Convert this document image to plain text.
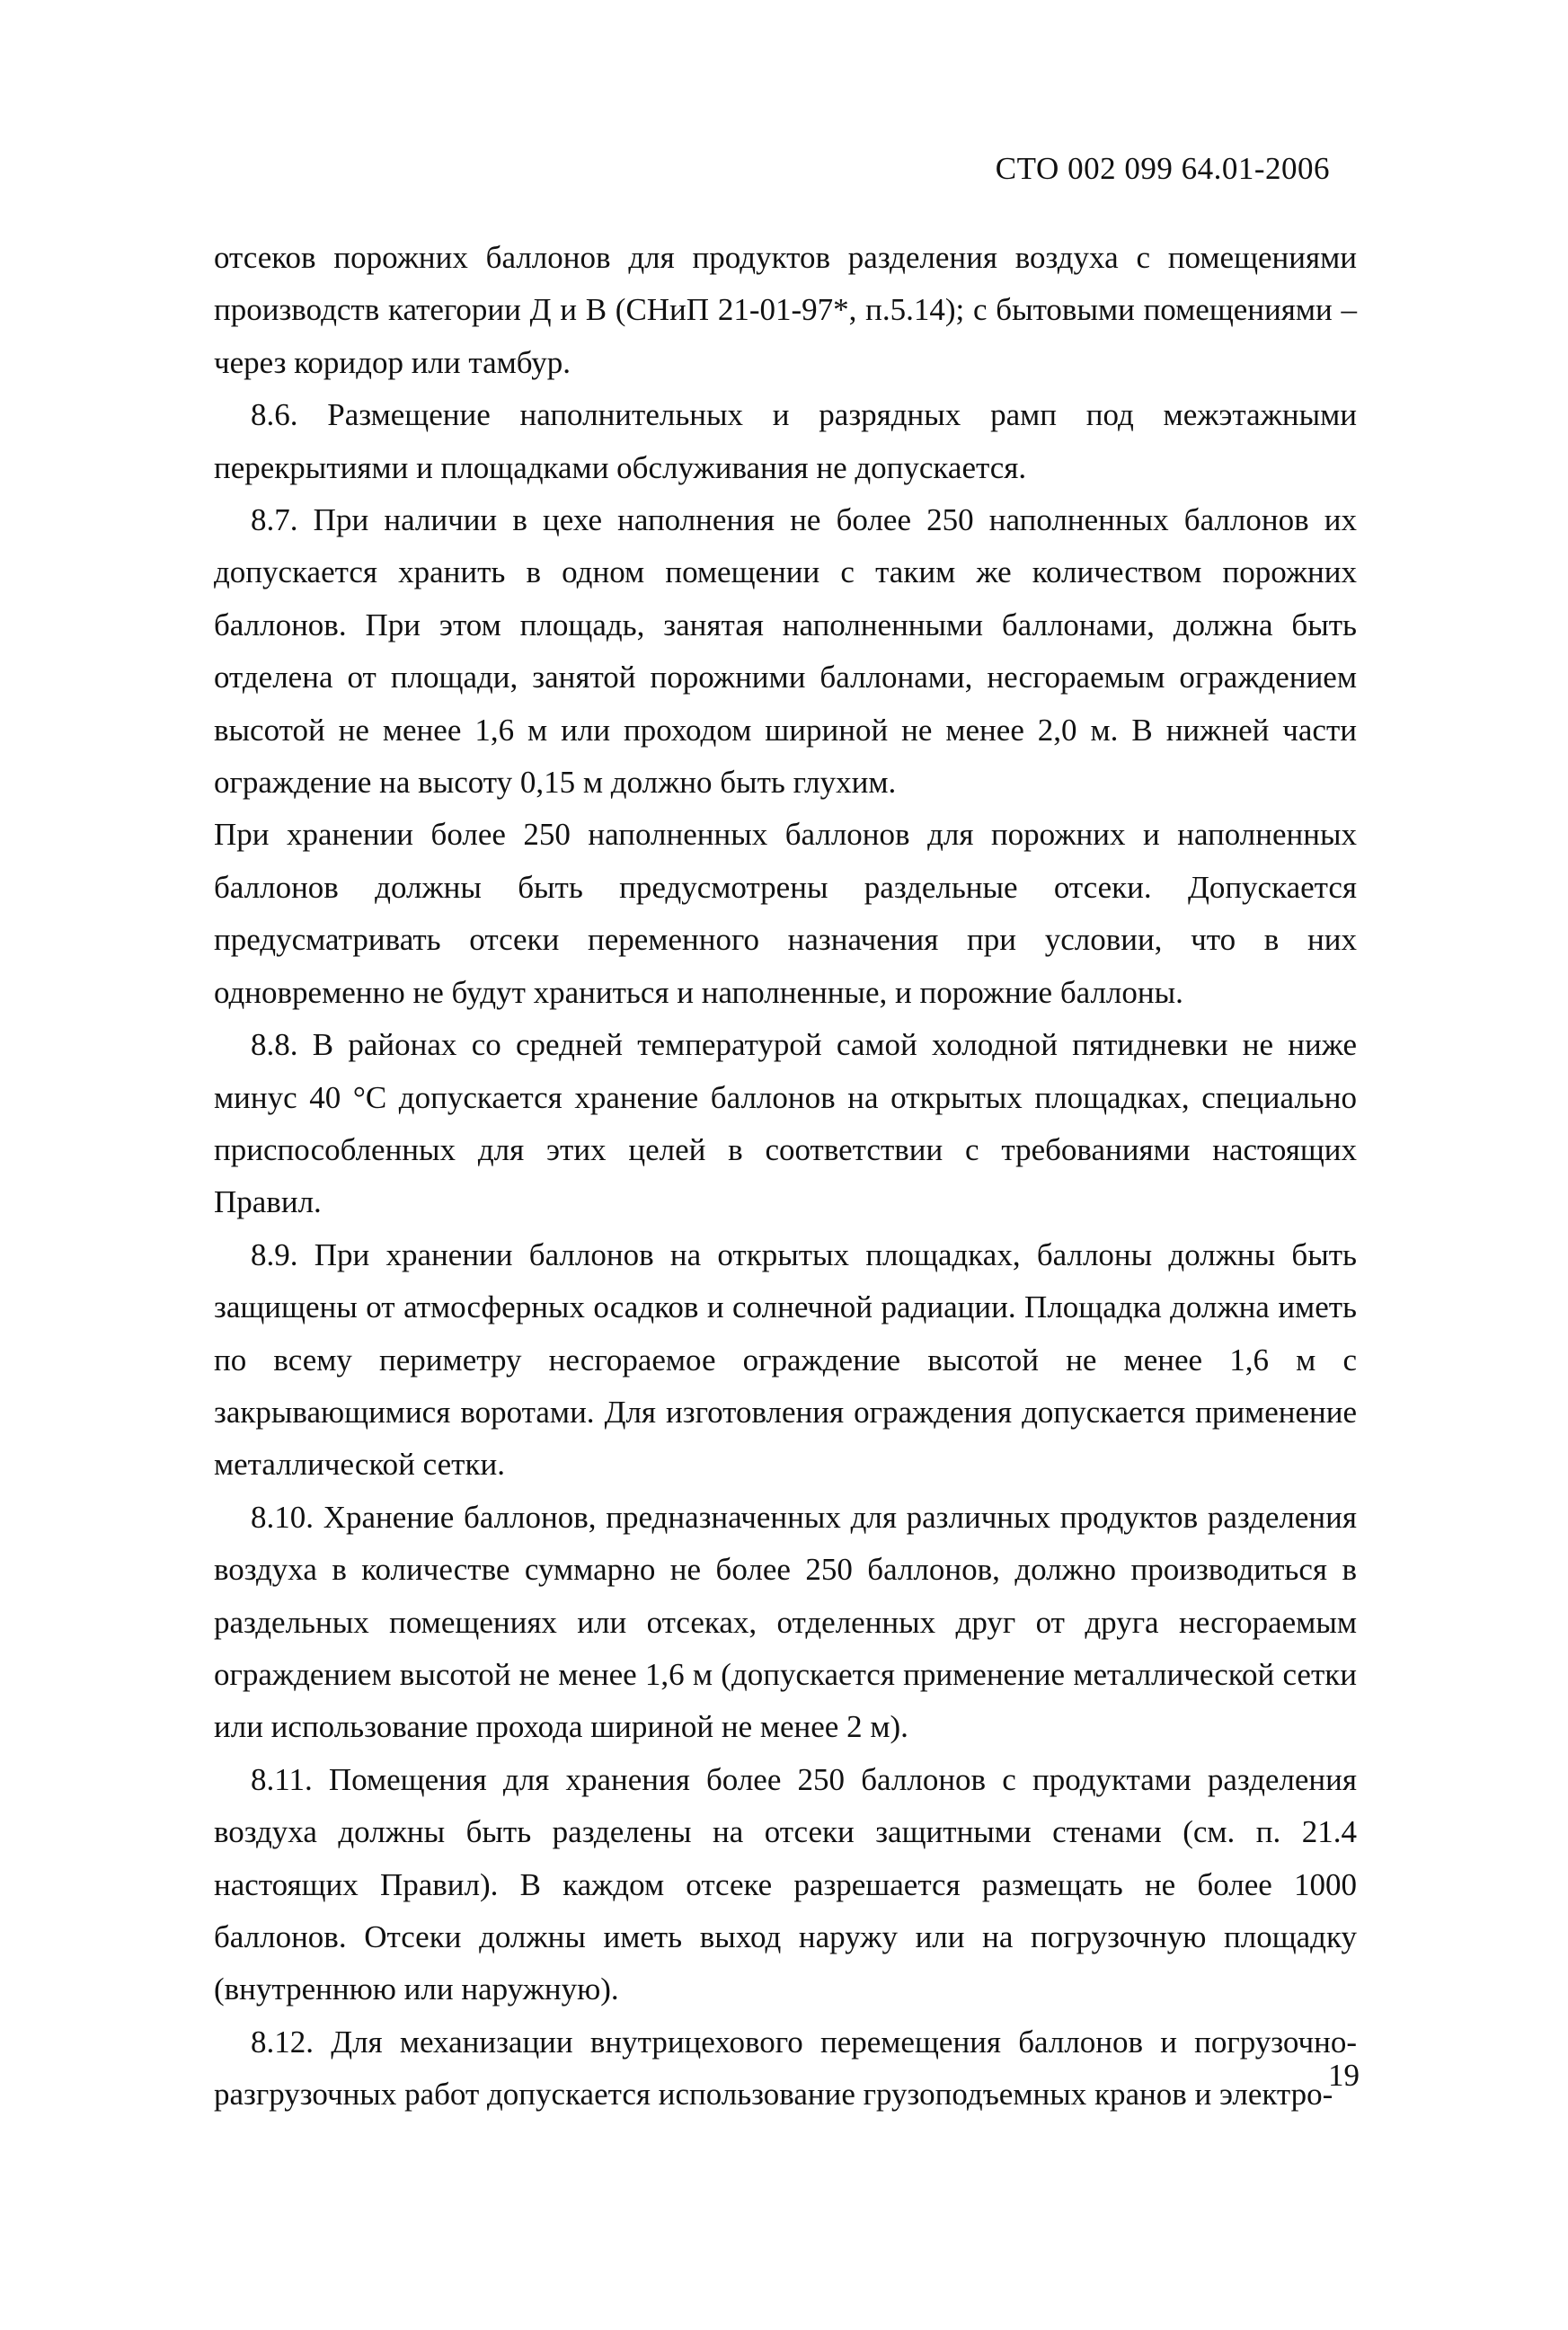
СТО 002 099 64.01-2006

отсеков порожних баллонов для продуктов разделения воздуха с помещениями производств категории Д и В (СНиП 21-01-97*, п.5.14); с бытовыми помещениями – через коридор или тамбур.

8.6. Размещение наполнительных и разрядных рамп под межэтажными перекрытиями и площадками обслуживания не допускается.

8.7. При наличии в цехе наполнения не более 250 наполненных баллонов их допускается хранить в одном помещении с таким же количеством порожних баллонов. При этом площадь, занятая наполненными баллонами, должна быть отделена от площади, занятой порожними баллонами, несгораемым ограждением высотой не менее 1,6 м или проходом шириной не менее 2,0 м. В нижней части ограждение на высоту 0,15 м должно быть глухим.

При хранении более 250 наполненных баллонов для порожних и наполненных баллонов должны быть предусмотрены раздельные отсеки. Допускается предусматривать отсеки переменного назначения при условии, что в них одновременно не будут храниться и наполненные, и порожние баллоны.

8.8. В районах со средней температурой самой холодной пятидневки не ниже минус 40 °С допускается хранение баллонов на открытых площадках, специально приспособленных для этих целей в соответствии с требованиями настоящих Правил.

8.9. При хранении баллонов на открытых площадках, баллоны должны быть защищены от атмосферных осадков и солнечной радиации. Площадка должна иметь по всему периметру несгораемое ограждение высотой не менее 1,6 м с закрывающимися воротами. Для изготовления ограждения допускается применение металлической сетки.

8.10. Хранение баллонов, предназначенных для различных продуктов разделения воздуха в количестве суммарно не более 250 баллонов, должно производиться в раздельных помещениях или отсеках, отделенных друг от друга несгораемым ограждением высотой не менее 1,6 м (допускается применение металлической сетки или использование прохода шириной не менее 2 м).

8.11. Помещения для хранения более 250 баллонов с продуктами разделения воздуха должны быть разделены на отсеки защитными стенами (см. п. 21.4 настоящих Правил). В каждом отсеке разрешается размещать не более 1000 баллонов. Отсеки должны иметь выход наружу или на погрузочную площадку (внутреннюю или наружную).

8.12. Для механизации внутрицехового перемещения баллонов и погрузочно-разгрузочных работ допускается использование грузоподъемных кранов и электро-

19
